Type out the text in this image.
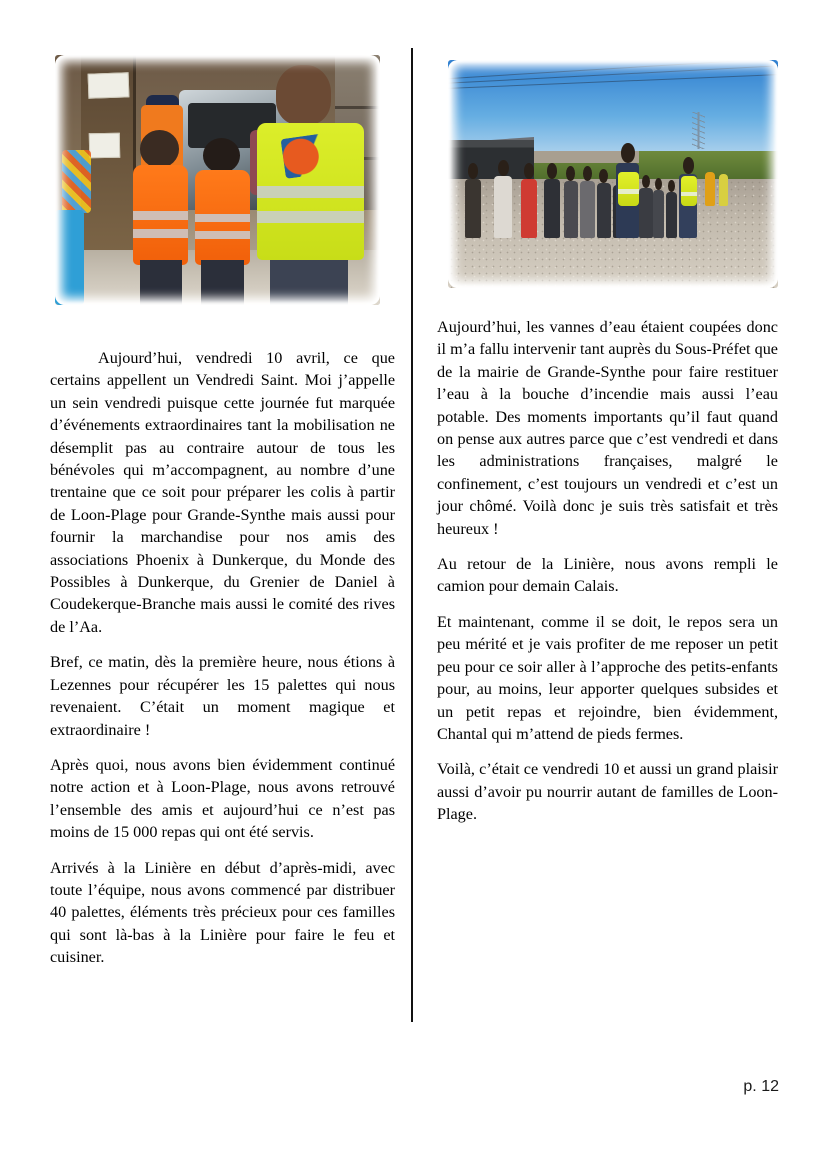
Aujourd’hui, vendredi 10 avril, ce que certains appellent un Vendredi Saint. Moi j’appelle un sein vendredi puisque cette journée fut marquée d’événements extraordinaires tant la mobilisation ne désemplit pas au contraire autour de tous les bénévoles qui m’accompagnent, au nombre d’une trentaine que ce soit pour préparer les colis à partir de Loon-Plage pour Grande-Synthe mais aussi pour fournir la marchandise pour nos amis des associations Phoenix à Dunkerque, du Monde des Possibles à Dunkerque, du Grenier de Daniel à Coudekerque-Branche mais aussi le comité des rives de l’Aa.

Bref, ce matin, dès la première heure, nous étions à Lezennes pour récupérer les 15 palettes qui nous revenaient. C’était un moment magique et extraordinaire !

Après quoi, nous avons bien évidemment continué notre action et à Loon-Plage, nous avons retrouvé l’ensemble des amis et aujourd’hui ce n’est pas moins de 15 000 repas qui ont été servis.

Arrivés à la Linière en début d’après-midi, avec toute l’équipe, nous avons commencé par distribuer 40 palettes, éléments très précieux pour ces familles qui sont là-bas à la Linière pour faire le feu et cuisiner.

Aujourd’hui, les vannes d’eau étaient coupées donc il m’a fallu intervenir tant auprès du Sous-Préfet que de la mairie de Grande-Synthe pour faire restituer l’eau à la bouche d’incendie mais aussi l’eau potable. Des moments importants qu’il faut quand on pense aux autres parce que c’est vendredi et dans les administrations françaises, malgré le confinement, c’est toujours un vendredi et c’est un jour chômé. Voilà donc je suis très satisfait et très heureux !

Au retour de la Linière, nous avons rempli le camion pour demain Calais.

Et maintenant, comme il se doit, le repos sera un peu mérité et je vais profiter de me reposer un petit peu pour ce soir aller à l’approche des petits-enfants pour, au moins, leur apporter quelques subsides et un petit repas et rejoindre, bien évidemment, Chantal qui m’attend de pieds fermes.

Voilà, c’était ce vendredi 10 et aussi un grand plaisir aussi d’avoir pu nourrir autant de familles de Loon-Plage.

p. 12
